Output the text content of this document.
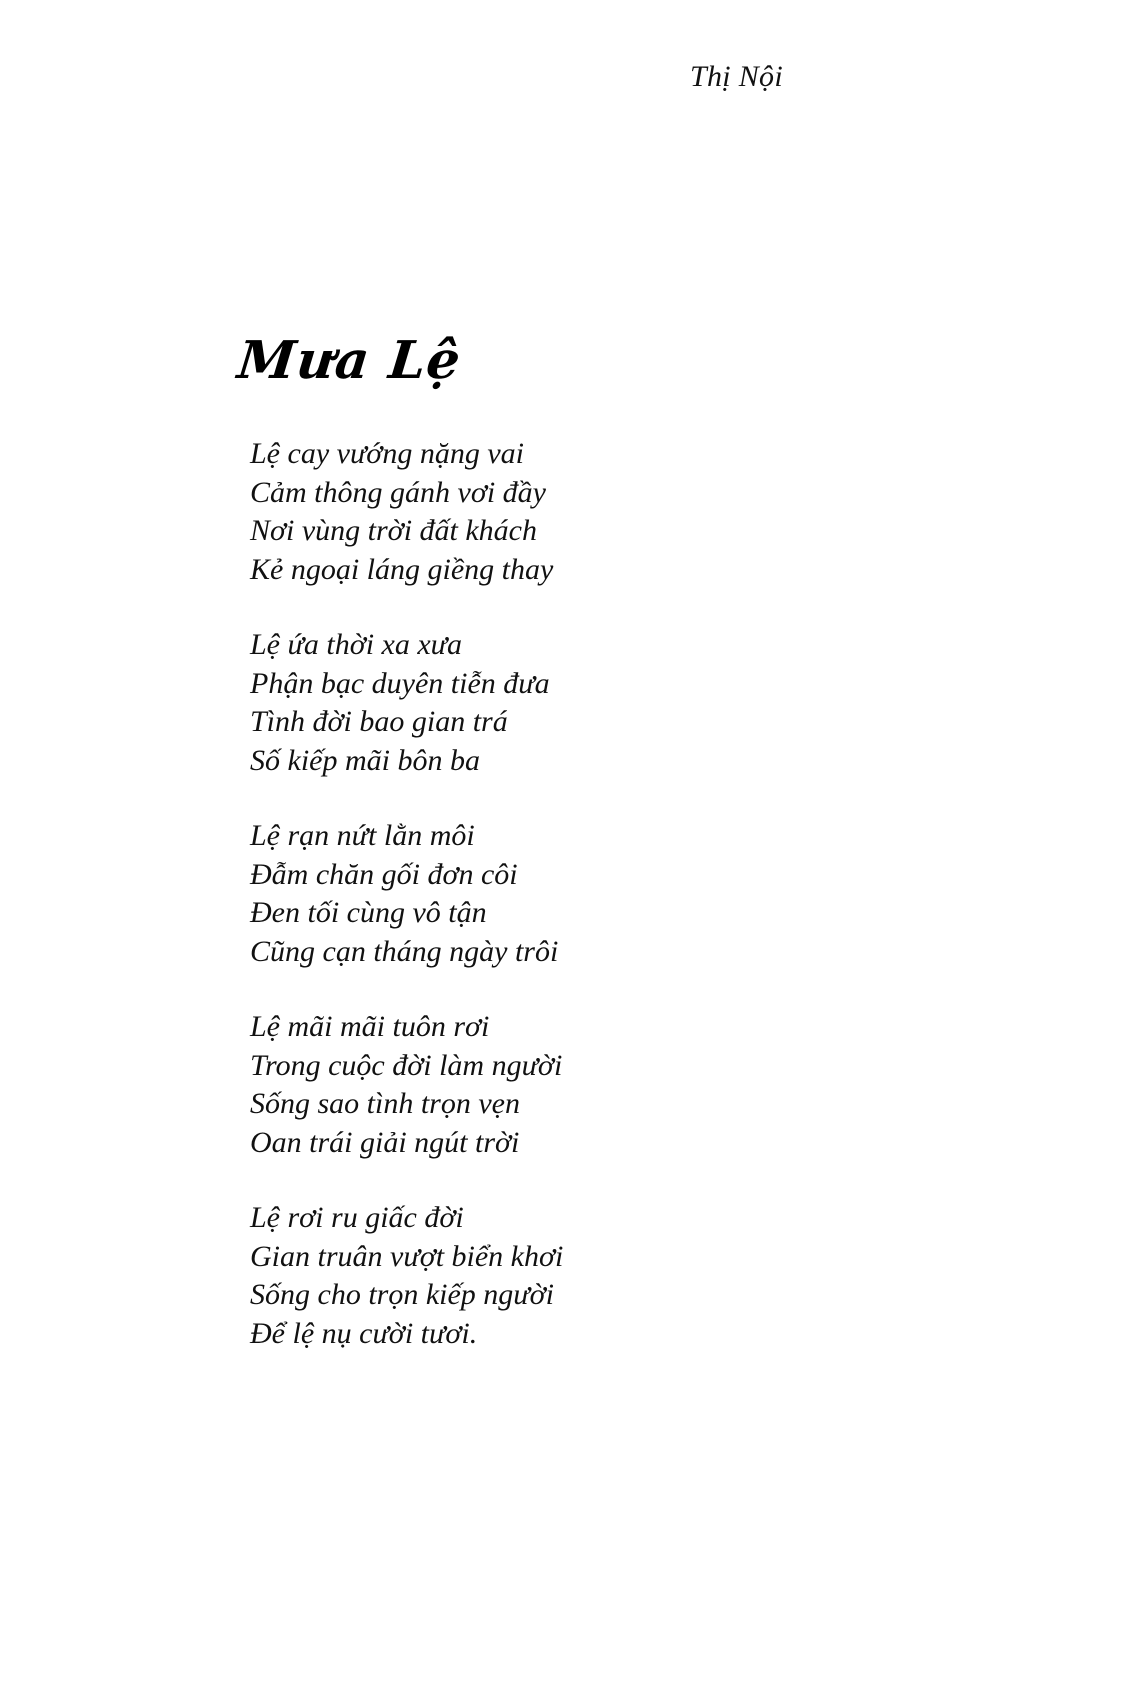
Thị Nội
Mưa Lệ
Lệ cay vướng nặng vai
Cảm thông gánh vơi đầy
Nơi vùng trời đất khách
Kẻ ngoại láng giềng thay
Lệ ứa thời xa xưa
Phận bạc duyên tiễn đưa
Tình đời bao gian trá
Số kiếp mãi bôn ba
Lệ rạn nứt lằn môi
Đẫm chăn gối đơn côi
Đen tối cùng vô tận
Cũng cạn tháng ngày trôi
Lệ mãi mãi tuôn rơi
Trong cuộc đời làm người
Sống sao tình trọn vẹn
Oan trái giải ngút trời
Lệ rơi ru giấc đời
Gian truân vượt biển khơi
Sống cho trọn kiếp người
Để lệ nụ cười tươi.
